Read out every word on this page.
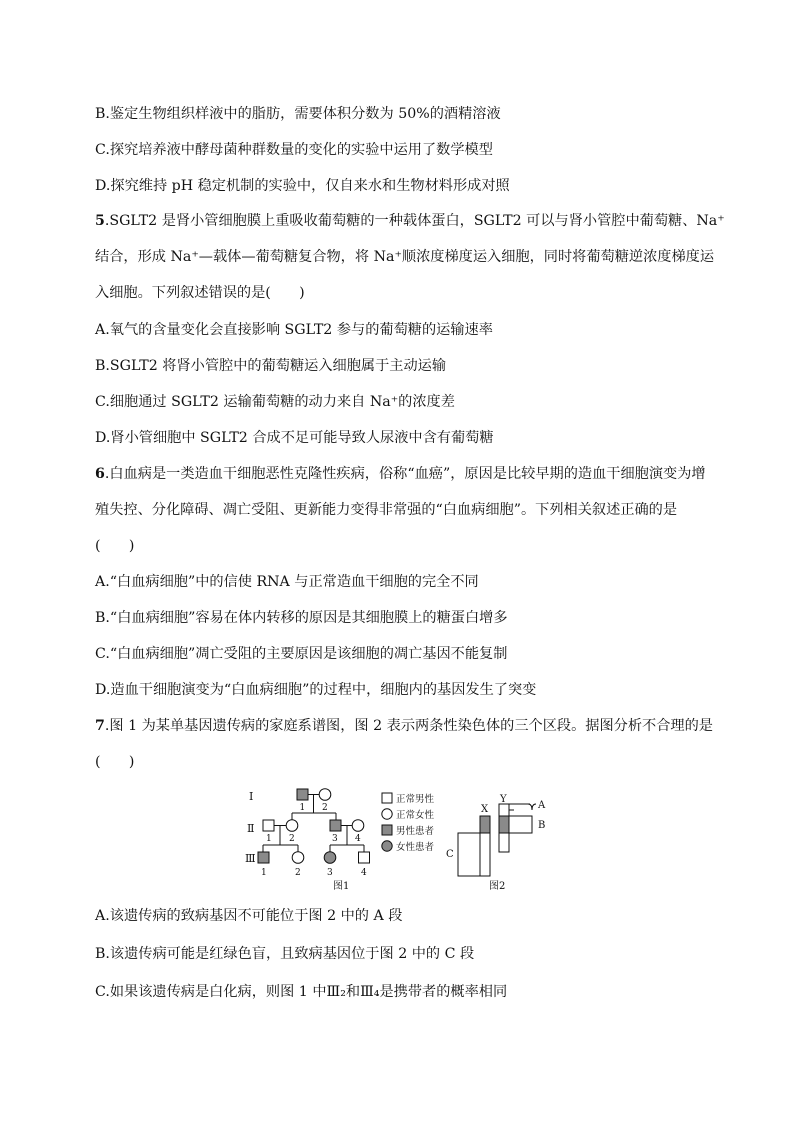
B.鉴定生物组织样液中的脂肪，需要体积分数为 50%的酒精溶液
C.探究培养液中酵母菌种群数量的变化的实验中运用了数学模型
D.探究维持 pH 稳定机制的实验中，仅自来水和生物材料形成对照
5.SGLT2 是肾小管细胞膜上重吸收葡萄糖的一种载体蛋白，SGLT2 可以与肾小管腔中葡萄糖、Na⁺
结合，形成 Na⁺—载体—葡萄糖复合物，将 Na⁺顺浓度梯度运入细胞，同时将葡萄糖逆浓度梯度运
入细胞。下列叙述错误的是(　　)
A.氧气的含量变化会直接影响 SGLT2 参与的葡萄糖的运输速率
B.SGLT2 将肾小管腔中的葡萄糖运入细胞属于主动运输
C.细胞通过 SGLT2 运输葡萄糖的动力来自 Na⁺的浓度差
D.肾小管细胞中 SGLT2 合成不足可能导致人尿液中含有葡萄糖
6.白血病是一类造血干细胞恶性克隆性疾病，俗称“血癌”，原因是比较早期的造血干细胞演变为增
殖失控、分化障碍、凋亡受阻、更新能力变得非常强的“白血病细胞”。下列相关叙述正确的是
(　　)
A.“白血病细胞”中的信使 RNA 与正常造血干细胞的完全不同
B.“白血病细胞”容易在体内转移的原因是其细胞膜上的糖蛋白增多
C.“白血病细胞”凋亡受阻的主要原因是该细胞的凋亡基因不能复制
D.造血干细胞演变为“白血病细胞”的过程中，细胞内的基因发生了突变
7.图 1 为某单基因遗传病的家庭系谱图，图 2 表示两条性染色体的三个区段。据图分析不合理的是
(　　)
I
Ⅱ
Ⅲ
1 2
1 2	3 4
1	2	3	4
正常男性
正常女性
男性患者
女性患者
图1
X
Y
A
B
C
图2
A.该遗传病的致病基因不可能位于图 2 中的 A 段
B.该遗传病可能是红绿色盲，且致病基因位于图 2 中的 C 段
C.如果该遗传病是白化病，则图 1 中Ⅲ₂和Ⅲ₄是携带者的概率相同
